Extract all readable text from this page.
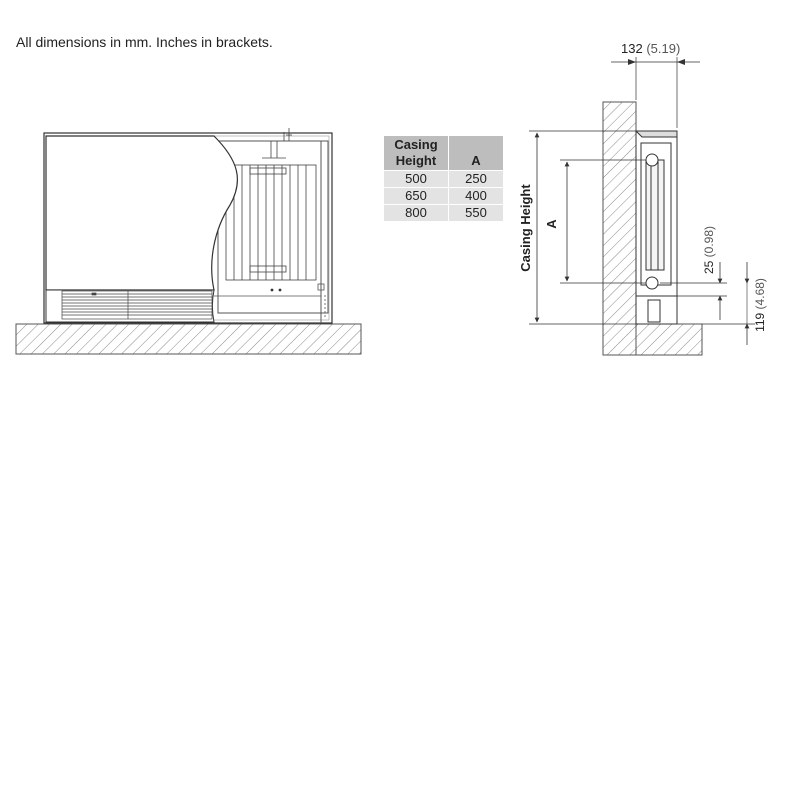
All dimensions in mm. Inches in brackets.	132 (5.19)
Casing Height A
25 (0.98)
119 (4.68)
Casing
Height	A
500	250
650	400
800	550
